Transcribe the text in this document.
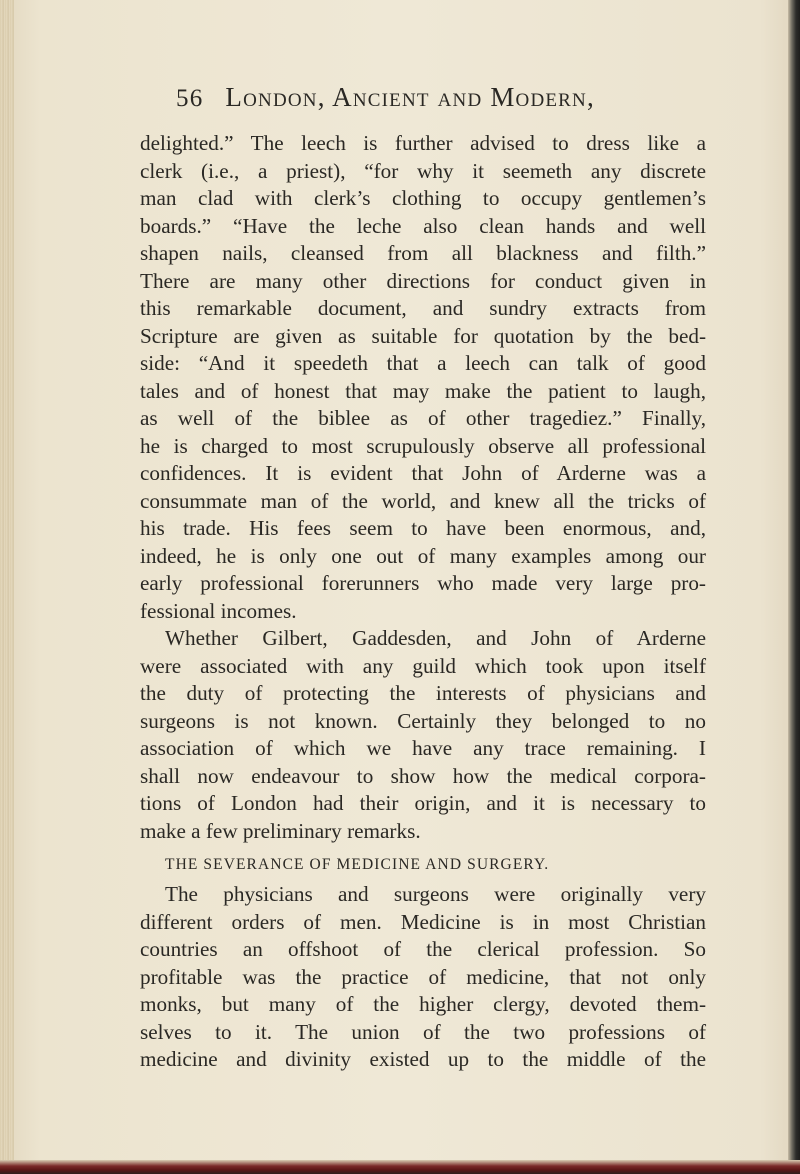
56 London, Ancient and Modern,
delighted.” The leech is further advised to dress like a
clerk (i.e., a priest), “for why it seemeth any discrete
man clad with clerk’s clothing to occupy gentlemen’s
boards.” “Have the leche also clean hands and well
shapen nails, cleansed from all blackness and filth.”
There are many other directions for conduct given in
this remarkable document, and sundry extracts from
Scripture are given as suitable for quotation by the bed-
side: “And it speedeth that a leech can talk of good
tales and of honest that may make the patient to laugh,
as well of the biblee as of other tragediez.” Finally,
he is charged to most scrupulously observe all professional
confidences. It is evident that John of Arderne was a
consummate man of the world, and knew all the tricks of
his trade. His fees seem to have been enormous, and,
indeed, he is only one out of many examples among our
early professional forerunners who made very large pro-
fessional incomes.
Whether Gilbert, Gaddesden, and John of Arderne
were associated with any guild which took upon itself
the duty of protecting the interests of physicians and
surgeons is not known. Certainly they belonged to no
association of which we have any trace remaining. I
shall now endeavour to show how the medical corpora-
tions of London had their origin, and it is necessary to
make a few preliminary remarks.
THE SEVERANCE OF MEDICINE AND SURGERY.
The physicians and surgeons were originally very
different orders of men. Medicine is in most Christian
countries an offshoot of the clerical profession. So
profitable was the practice of medicine, that not only
monks, but many of the higher clergy, devoted them-
selves to it. The union of the two professions of
medicine and divinity existed up to the middle of the
